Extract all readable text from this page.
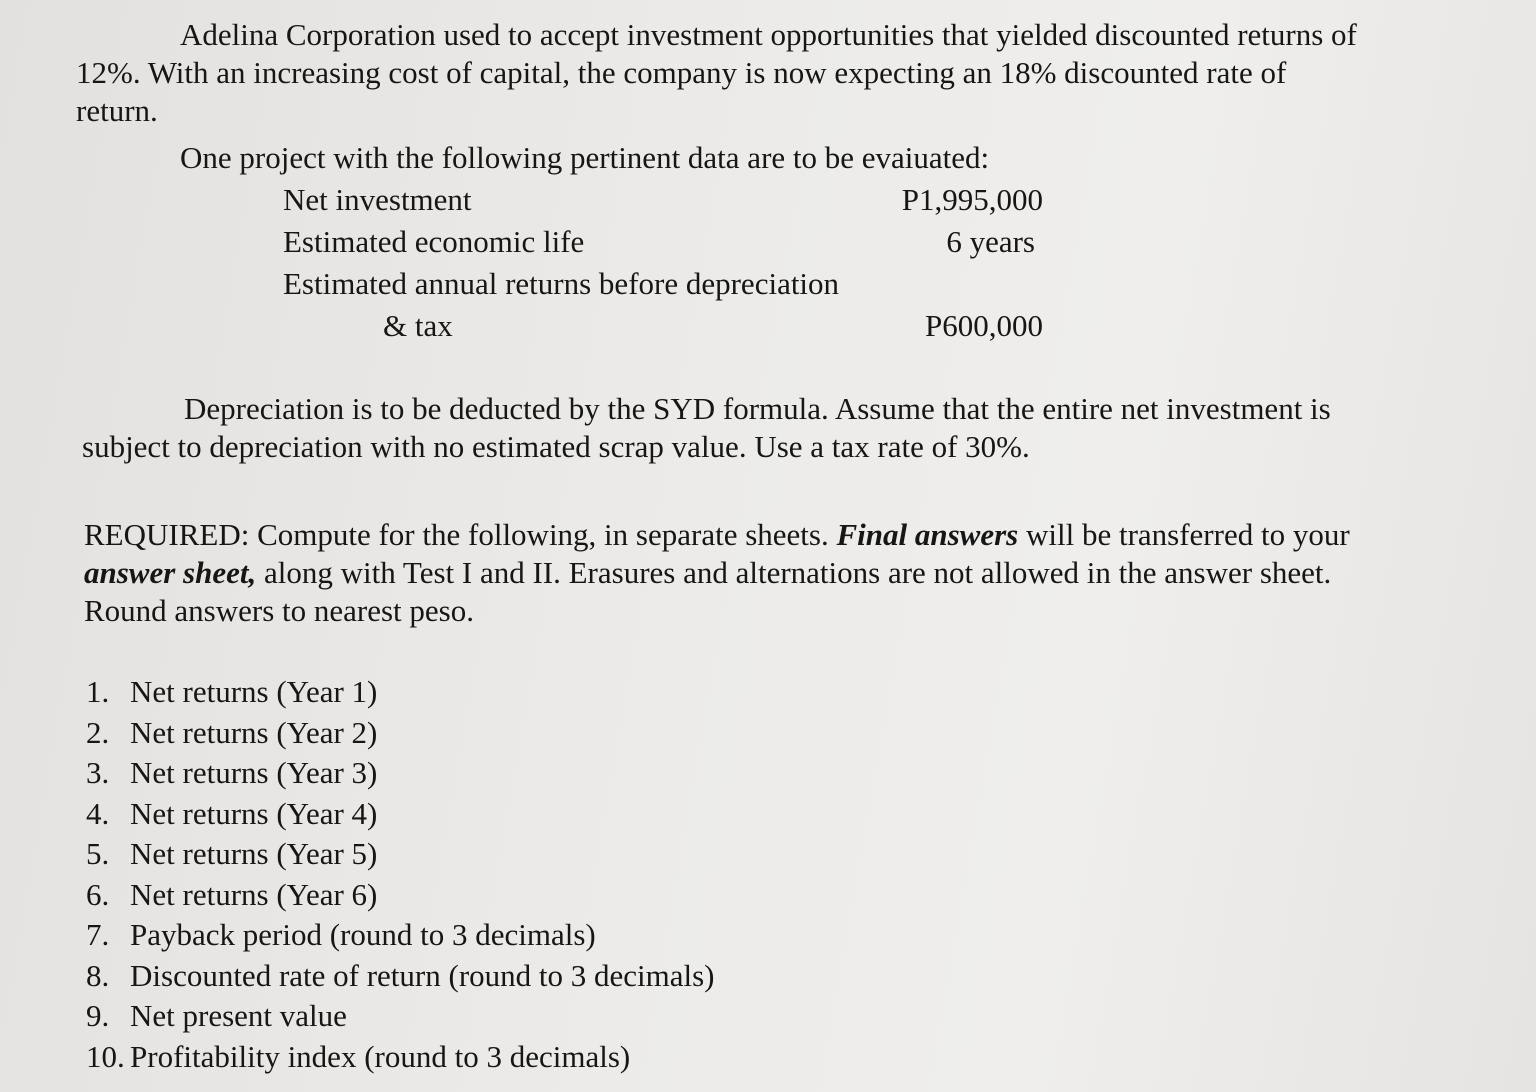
Adelina Corporation used to accept investment opportunities that yielded discounted returns of
12%. With an increasing cost of capital, the company is now expecting an 18% discounted rate of
return.
One project with the following pertinent data are to be evaiuated:
Net investment	P1,995,000
Estimated economic life	6 years
Estimated annual returns before depreciation
& tax	P600,000
Depreciation is to be deducted by the SYD formula. Assume that the entire net investment is
subject to depreciation with no estimated scrap value. Use a tax rate of 30%.
REQUIRED: Compute for the following, in separate sheets. Final answers will be transferred to your
answer sheet, along with Test I and II. Erasures and alternations are not allowed in the answer sheet.
Round answers to nearest peso.
1. Net returns (Year 1)
2. Net returns (Year 2)
3. Net returns (Year 3)
4. Net returns (Year 4)
5. Net returns (Year 5)
6. Net returns (Year 6)
7. Payback period (round to 3 decimals)
8. Discounted rate of return (round to 3 decimals)
9. Net present value
10. Profitability index (round to 3 decimals)
